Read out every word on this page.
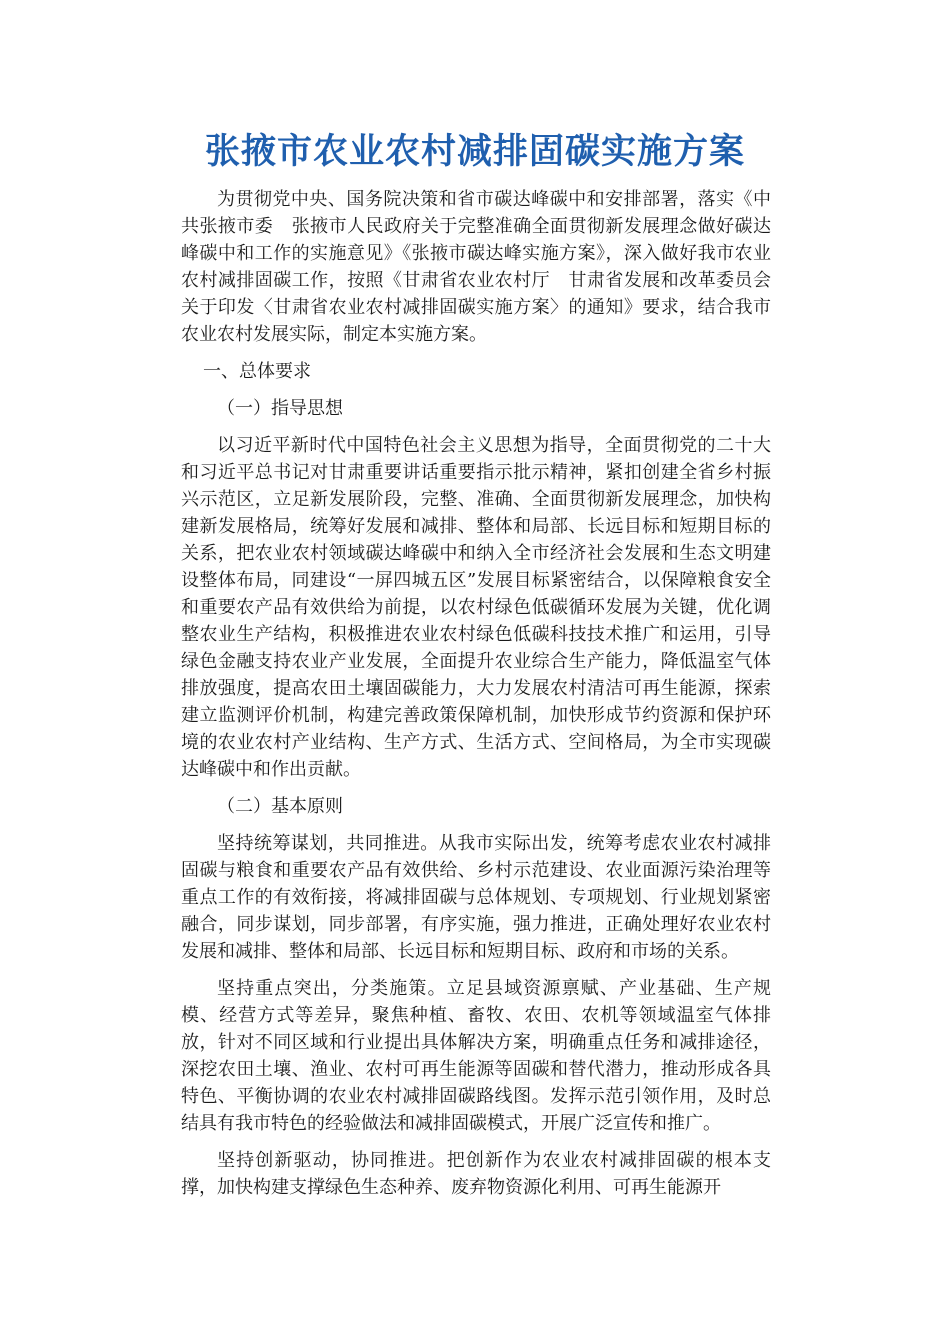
张掖市农业农村减排固碳实施方案

为贯彻党中央、国务院决策和省市碳达峰碳中和安排部署，落实《中共张掖市委　张掖市人民政府关于完整准确全面贯彻新发展理念做好碳达峰碳中和工作的实施意见》《张掖市碳达峰实施方案》，深入做好我市农业农村减排固碳工作，按照《甘肃省农业农村厅　甘肃省发展和改革委员会关于印发〈甘肃省农业农村减排固碳实施方案〉的通知》要求，结合我市农业农村发展实际，制定本实施方案。

一、总体要求

（一）指导思想

以习近平新时代中国特色社会主义思想为指导，全面贯彻党的二十大和习近平总书记对甘肃重要讲话重要指示批示精神，紧扣创建全省乡村振兴示范区，立足新发展阶段，完整、准确、全面贯彻新发展理念，加快构建新发展格局，统筹好发展和减排、整体和局部、长远目标和短期目标的关系，把农业农村领域碳达峰碳中和纳入全市经济社会发展和生态文明建设整体布局，同建设“一屏四城五区”发展目标紧密结合，以保障粮食安全和重要农产品有效供给为前提，以农村绿色低碳循环发展为关键，优化调整农业生产结构，积极推进农业农村绿色低碳科技技术推广和运用，引导绿色金融支持农业产业发展，全面提升农业综合生产能力，降低温室气体排放强度，提高农田土壤固碳能力，大力发展农村清洁可再生能源，探索建立监测评价机制，构建完善政策保障机制，加快形成节约资源和保护环境的农业农村产业结构、生产方式、生活方式、空间格局，为全市实现碳达峰碳中和作出贡献。

（二）基本原则

坚持统筹谋划，共同推进。从我市实际出发，统筹考虑农业农村减排固碳与粮食和重要农产品有效供给、乡村示范建设、农业面源污染治理等重点工作的有效衔接，将减排固碳与总体规划、专项规划、行业规划紧密融合，同步谋划，同步部署，有序实施，强力推进，正确处理好农业农村发展和减排、整体和局部、长远目标和短期目标、政府和市场的关系。

坚持重点突出，分类施策。立足县域资源禀赋、产业基础、生产规模、经营方式等差异，聚焦种植、畜牧、农田、农机等领域温室气体排放，针对不同区域和行业提出具体解决方案，明确重点任务和减排途径，深挖农田土壤、渔业、农村可再生能源等固碳和替代潜力，推动形成各具特色、平衡协调的农业农村减排固碳路线图。发挥示范引领作用，及时总结具有我市特色的经验做法和减排固碳模式，开展广泛宣传和推广。

坚持创新驱动，协同推进。把创新作为农业农村减排固碳的根本支撑，加快构建支撑绿色生态种养、废弃物资源化利用、可再生能源开
